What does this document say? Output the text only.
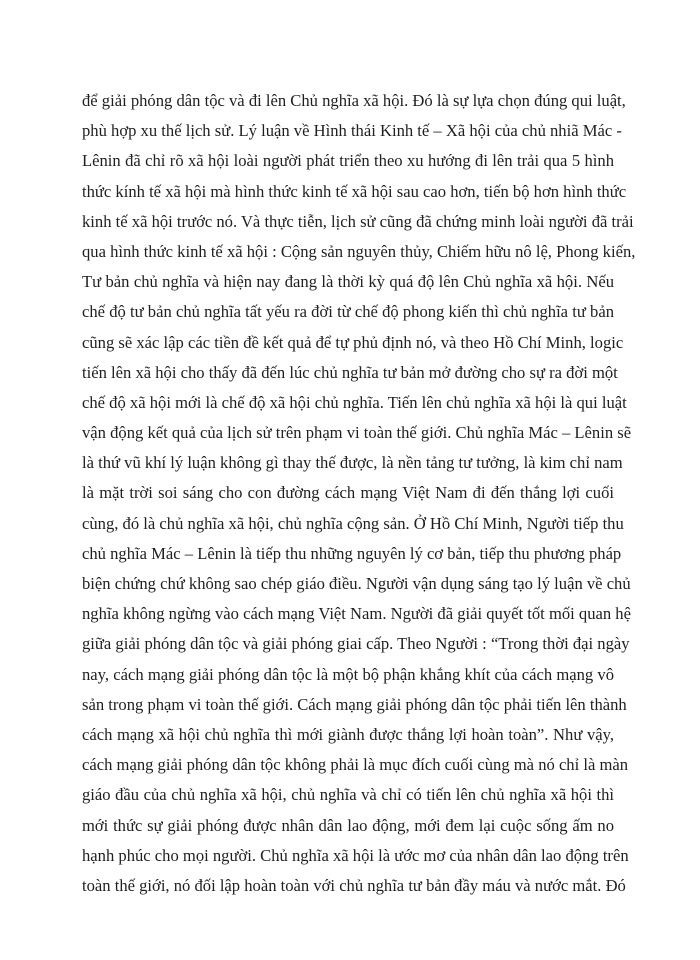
để giải phóng dân tộc và đi lên Chủ nghĩa xã hội. Đó là sự lựa chọn đúng qui luật,
phù hợp xu thế lịch sử. Lý luận về Hình thái Kinh tế – Xã hội của chủ nhiã Mác -
Lênin đã chỉ rõ xã hội loài người phát triển theo xu hướng đi lên trải qua 5 hình
thức kính tế xã hội mà hình thức kinh tế xã hội sau cao hơn, tiến bộ hơn hình thức
kinh tế xã hội trước nó. Và thực tiễn, lịch sử cũng đã chứng minh loài người đã trải
qua hình thức kinh tế xã hội : Cộng sản nguyên thủy, Chiếm hữu nô lệ, Phong kiến,
Tư bản chủ nghĩa và hiện nay đang là thời kỳ quá độ lên Chủ nghĩa xã hội. Nếu
chế độ tư bản chủ nghĩa tất yếu ra đời từ chế độ phong kiến thì chủ nghĩa tư bản
cũng sẽ xác lập các tiền đề kết quả để tự phủ định nó, và theo Hồ Chí Minh, logic
tiến lên xã hội cho thấy đã đến lúc chủ nghĩa tư bản mở đường cho sự ra đời một
chế độ xã hội mới là chế độ xã hội chủ nghĩa. Tiến lên chủ nghĩa xã hội là qui luật
vận động kết quả của lịch sử trên phạm vi toàn thế giới. Chủ nghĩa Mác – Lênin sẽ
là thứ vũ khí lý luận không gì thay thế được, là nền tảng tư tưởng, là kim chỉ nam
là mặt trời soi sáng cho con đường cách mạng Việt Nam đi đến thắng lợi cuối
cùng, đó là chủ nghĩa xã hội, chủ nghĩa cộng sản. Ở Hồ Chí Minh, Người tiếp thu
chủ nghĩa Mác – Lênin là tiếp thu những nguyên lý cơ bản, tiếp thu phương pháp
biện chứng chứ không sao chép giáo điều. Người vận dụng sáng tạo lý luận về chủ
nghĩa không ngừng vào cách mạng Việt Nam. Người đã giải quyết tốt mối quan hệ
giữa giải phóng dân tộc và giải phóng giai cấp. Theo Người : “Trong thời đại ngày
nay, cách mạng giải phóng dân tộc là một bộ phận khắng khít của cách mạng vô
sản trong phạm vi toàn thế giới. Cách mạng giải phóng dân tộc phải tiến lên thành
cách mạng xã hội chủ nghĩa thì mới giành được thắng lợi hoàn toàn”. Như vậy,
cách mạng giải phóng dân tộc không phải là mục đích cuối cùng mà nó chỉ là màn
giáo đầu của chủ nghĩa xã hội, chủ nghĩa và chỉ có tiến lên chủ nghĩa xã hội thì
mới thức sự giải phóng được nhân dân lao động, mới đem lại cuộc sống ấm no
hạnh phúc cho mọi người. Chủ nghĩa xã hội là ước mơ của nhân dân lao động trên
toàn thế giới, nó đối lập hoàn toàn với chủ nghĩa tư bản đầy máu và nước mắt. Đó
